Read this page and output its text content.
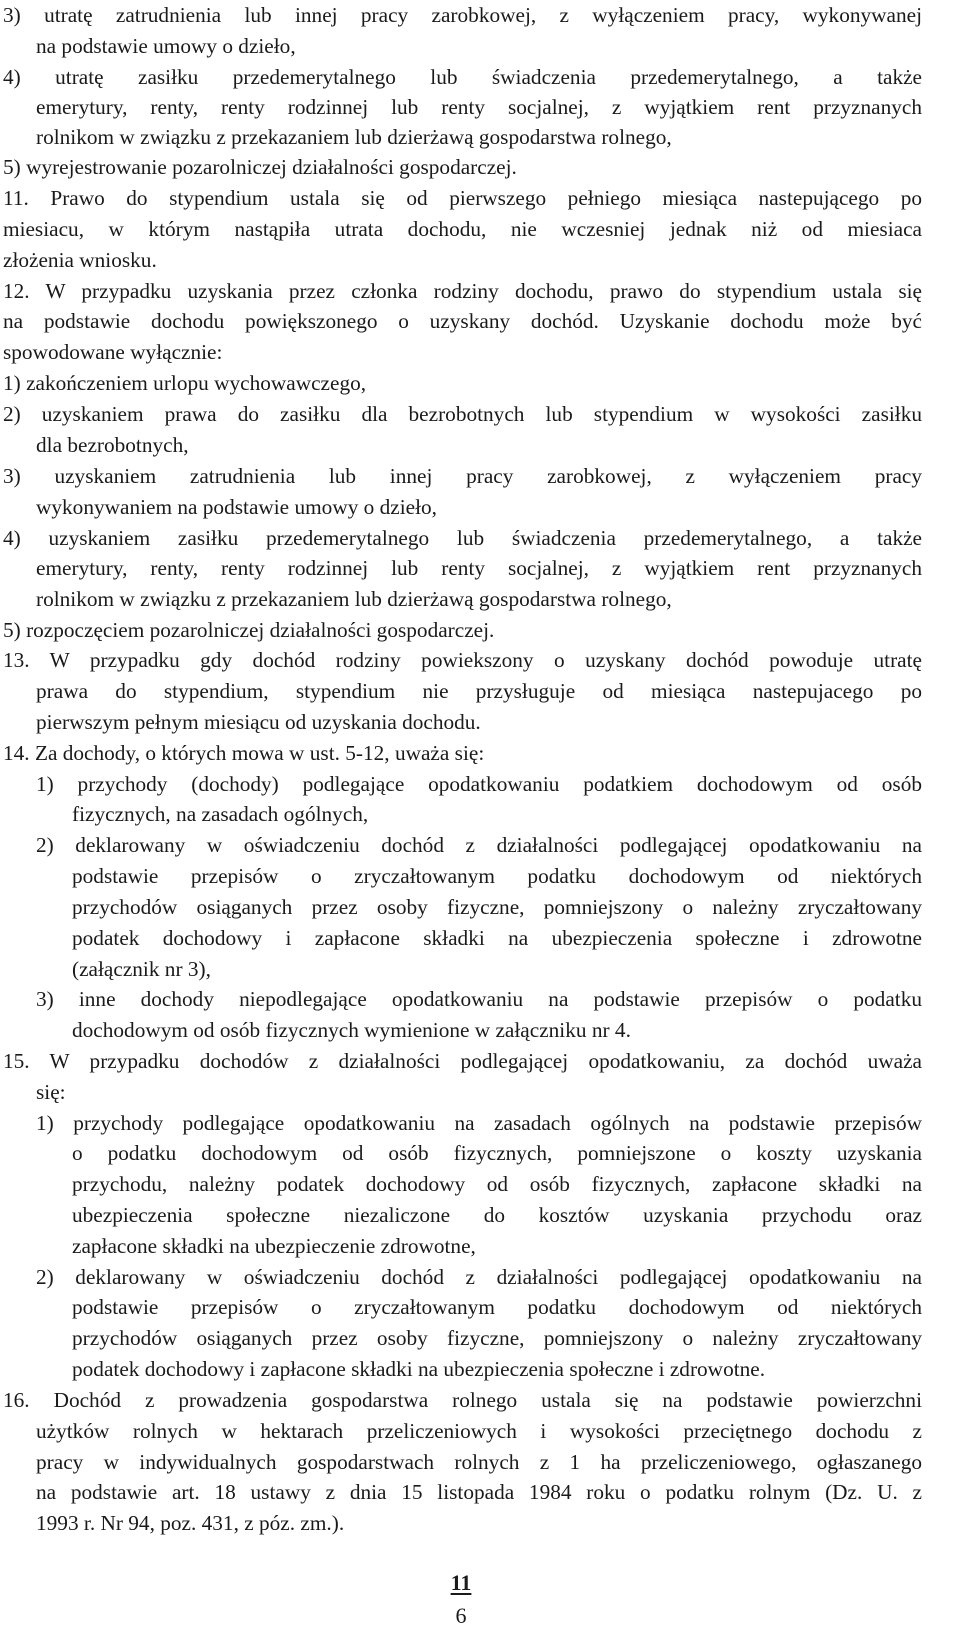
3) utratę zatrudnienia lub innej pracy zarobkowej, z wyłączeniem pracy, wykonywanej
na podstawie umowy o dzieło,
4) utratę zasiłku przedemerytalnego lub świadczenia przedemerytalnego, a także
emerytury, renty, renty rodzinnej lub renty socjalnej, z wyjątkiem rent przyznanych
rolnikom w związku z przekazaniem lub dzierżawą gospodarstwa rolnego,
5) wyrejestrowanie pozarolniczej działalności gospodarczej.
11. Prawo do stypendium ustala się od pierwszego pełniego miesiąca nastepującego po
miesiacu, w którym nastąpiła utrata dochodu, nie wczesniej jednak niż od miesiaca
złożenia wniosku.
12. W przypadku uzyskania przez członka rodziny dochodu, prawo do stypendium ustala się
na podstawie dochodu powiększonego o uzyskany dochód. Uzyskanie dochodu może być
spowodowane wyłącznie:
1) zakończeniem urlopu wychowawczego,
2) uzyskaniem prawa do zasiłku dla bezrobotnych lub stypendium w wysokości zasiłku
dla bezrobotnych,
3) uzyskaniem zatrudnienia lub innej pracy zarobkowej, z wyłączeniem pracy
wykonywaniem na podstawie umowy o dzieło,
4) uzyskaniem zasiłku przedemerytalnego lub świadczenia przedemerytalnego, a także
emerytury, renty, renty rodzinnej lub renty socjalnej, z wyjątkiem rent przyznanych
rolnikom w związku z przekazaniem lub dzierżawą gospodarstwa rolnego,
5) rozpoczęciem pozarolniczej działalności gospodarczej.
13. W przypadku gdy dochód rodziny powiekszony o uzyskany dochód powoduje utratę
prawa do stypendium, stypendium nie przysługuje od miesiąca nastepujacego po
pierwszym pełnym miesiącu od uzyskania dochodu.
14. Za dochody, o których mowa w ust. 5-12, uważa się:
1) przychody (dochody) podlegające opodatkowaniu podatkiem dochodowym od osób
fizycznych, na zasadach ogólnych,
2) deklarowany w oświadczeniu dochód z działalności podlegającej opodatkowaniu na
podstawie przepisów o zryczałtowanym podatku dochodowym od niektórych
przychodów osiąganych przez osoby fizyczne, pomniejszony o należny zryczałtowany
podatek dochodowy i zapłacone składki na ubezpieczenia społeczne i zdrowotne
(załącznik nr 3),
3) inne dochody niepodlegające opodatkowaniu na podstawie przepisów o podatku
dochodowym od osób fizycznych wymienione w załączniku nr 4.
15. W przypadku dochodów z działalności podlegającej opodatkowaniu, za dochód uważa
się:
1) przychody podlegające opodatkowaniu na zasadach ogólnych na podstawie przepisów
o podatku dochodowym od osób fizycznych, pomniejszone o koszty uzyskania
przychodu, należny podatek dochodowy od osób fizycznych, zapłacone składki na
ubezpieczenia społeczne niezaliczone do kosztów uzyskania przychodu oraz
zapłacone składki na ubezpieczenie zdrowotne,
2) deklarowany w oświadczeniu dochód z działalności podlegającej opodatkowaniu na
podstawie przepisów o zryczałtowanym podatku dochodowym od niektórych
przychodów osiąganych przez osoby fizyczne, pomniejszony o należny zryczałtowany
podatek dochodowy i zapłacone składki na ubezpieczenia społeczne i zdrowotne.
16. Dochód z prowadzenia gospodarstwa rolnego ustala się na podstawie powierzchni
użytków rolnych w hektarach przeliczeniowych i wysokości przeciętnego dochodu z
pracy w indywidualnych gospodarstwach rolnych z 1 ha przeliczeniowego, ogłaszanego
na podstawie art. 18 ustawy z dnia 15 listopada 1984 roku o podatku rolnym (Dz. U. z
1993 r. Nr 94, poz. 431, z póz. zm.).
11
6
